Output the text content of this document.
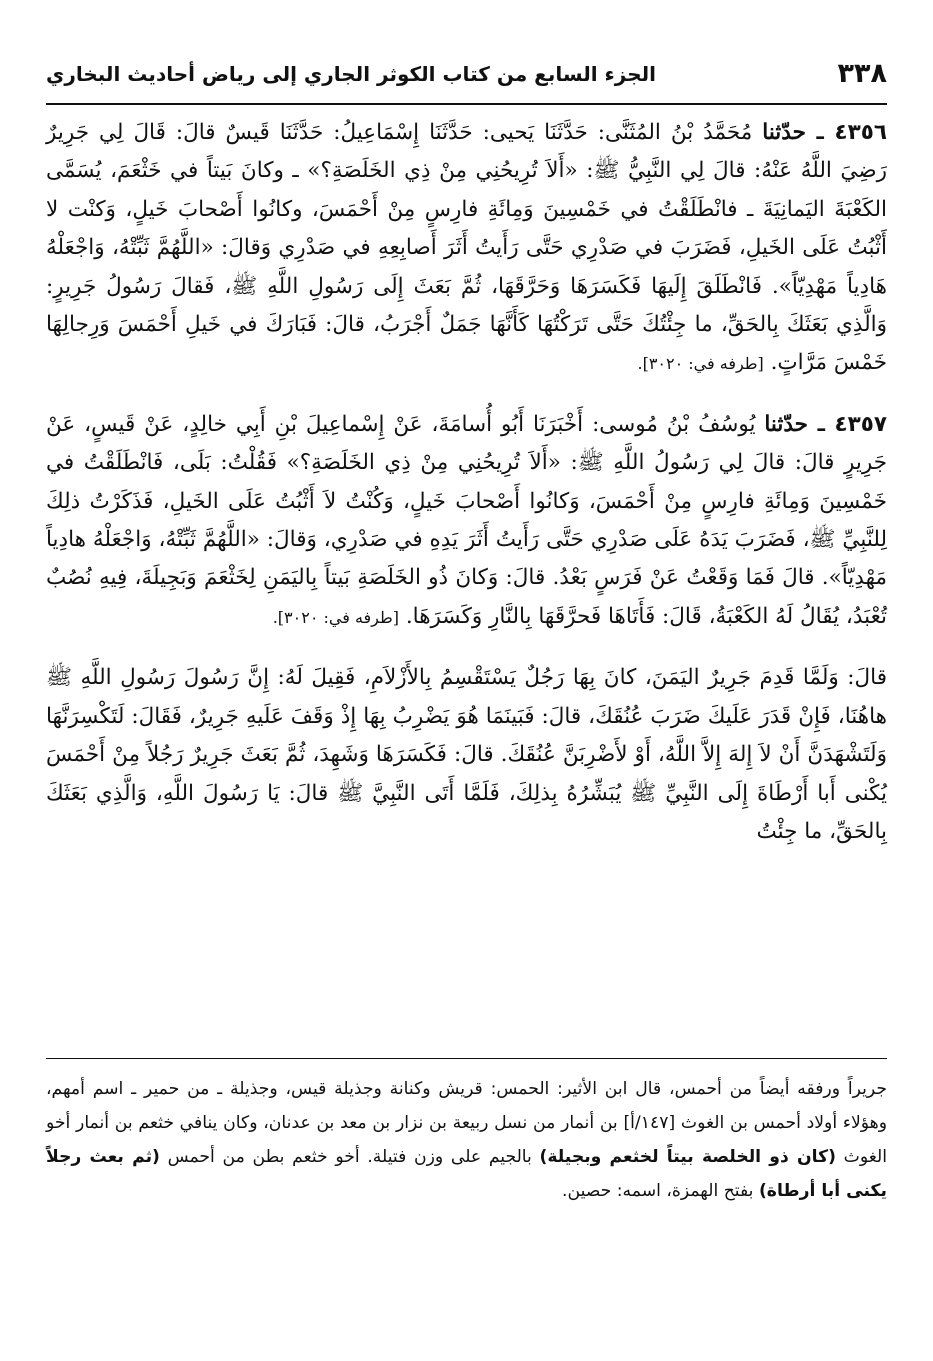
٣٣٨
الجزء السابع من كتاب الكوثر الجاري إلى رياض أحاديث البخاري

٤٣٥٦ ـ حدّثنا مُحَمَّدُ بْنُ المُثَنَّى: حَدَّثَنَا يَحيى: حَدَّثَنَا إِسْمَاعِيلُ: حَدَّثَنَا قَيسٌ قالَ: قَالَ لِي جَرِيرٌ رَضِيَ اللَّهُ عَنْهُ: قالَ لِي النَّبِيُّ ﷺ: «أَلاَ تُرِيحُنِي مِنْ ذِي الخَلَصَةِ؟» ـ وكانَ بَيتاً في خَثْعَمَ، يُسَمَّى الكَعْبَةَ اليَمانِيَةَ ـ فانْطَلَقْتُ في خَمْسِينَ وَمِائَةِ فارِسٍ مِنْ أَحْمَسَ، وكانُوا أَصْحابَ خَيلٍ، وَكنْت لا أَثْبُتُ عَلَى الخَيلِ، فَضَرَبَ في صَدْرِي حَتَّى رَأَيتُ أَثَرَ أَصابِعِهِ في صَدْرِي وَقالَ: «اللَّهُمَّ ثَبِّتْهُ، وَاجْعَلْهُ هَادِياً مَهْدِيّاً». فَانْطَلَقَ إِلَيهَا فَكَسَرَهَا وَحَرَّقَهَا، ثُمَّ بَعَثَ إِلَى رَسُولِ اللَّهِ ﷺ، فَقالَ رَسُولُ جَرِيرٍ: وَالَّذِي بَعَثَكَ بِالحَقِّ، ما جِئْتُكَ حَتَّى تَرَكْتُهَا كَأَنَّهَا جَمَلٌ أَجْرَبُ، قالَ: فَبَارَكَ في خَيلِ أَحْمَسَ وَرِجالِهَا خَمْسَ مَرَّاتٍ. [طرفه في: ٣٠٢٠].

٤٣٥٧ ـ حدّثنا يُوسُفُ بْنُ مُوسى: أَخْبَرَنَا أَبُو أُسامَةَ، عَنْ إِسْماعِيلَ بْنِ أَبِي خالِدٍ، عَنْ قَيسٍ، عَنْ جَرِيرٍ قالَ: قالَ لِي رَسُولُ اللَّهِ ﷺ: «أَلاَ تُرِيحُنِي مِنْ ذِي الخَلَصَةِ؟» فَقُلْتُ: بَلَى، فَانْطَلَقْتُ في خَمْسِينَ وَمِائَةِ فارِسٍ مِنْ أَحْمَسَ، وَكانُوا أَصْحابَ خَيلٍ، وَكُنْتُ لاَ أَثْبُتُ عَلَى الخَيلِ، فَذَكَرْتُ ذلِكَ لِلنَّبِيِّ ﷺ، فَضَرَبَ يَدَهُ عَلَى صَدْرِي حَتَّى رَأَيتُ أَثَرَ يَدِهِ في صَدْرِي، وَقالَ: «اللَّهُمَّ ثَبِّتْهُ، وَاجْعَلْهُ هادِياً مَهْدِيّاً». قالَ فَمَا وَقَعْتُ عَنْ فَرَسٍ بَعْدُ. قالَ: وَكانَ ذُو الخَلَصَةِ بَيتاً بِاليَمَنِ لِخَثْعَمَ وَبَجِيلَةَ، فِيهِ نُصُبٌ تُعْبَدُ، يُقَالُ لَهُ الكَعْبَةُ، قَالَ: فَأَتَاهَا فَحرَّقَهَا بِالنَّارِ وَكَسَرَهَا. [طرفه في: ٣٠٢٠].

قالَ: وَلَمَّا قَدِمَ جَرِيرٌ اليَمَنَ، كانَ بِهَا رَجُلٌ يَسْتَقْسِمُ بِالأَزْلاَمِ، فَقِيلَ لَهُ: إِنَّ رَسُولَ رَسُولِ اللَّهِ ﷺ هاهُنَا، فَإِنْ قَدَرَ عَلَيكَ ضَرَبَ عُنُقَكَ، قالَ: فَبَينَمَا هُوَ يَضْرِبُ بِهَا إِذْ وَقَفَ عَلَيهِ جَرِيرٌ، فَقَالَ: لَتَكْسِرَنَّهَا وَلَتَشْهَدَنَّ أَنْ لاَ إِلهَ إِلاَّ اللَّهُ، أَوْ لأَضْرِبَنَّ عُنُقَكَ. قالَ: فَكَسَرَهَا وَشَهِدَ، ثُمَّ بَعَثَ جَرِيرٌ رَجُلاً مِنْ أَحْمَسَ يُكْنى أَبا أَرْطَاةَ إِلَى النَّبِيِّ ﷺ يُبَشِّرُهُ بِذلِكَ، فَلَمَّا أَتَى النَّبِيَّ ﷺ قالَ: يَا رَسُولَ اللَّهِ، وَالَّذِي بَعَثَكَ بِالحَقِّ، ما جِئْتُ

جريراً ورفقه أيضاً من أحمس، قال ابن الأثير: الحمس: قريش وكنانة وجذيلة قيس، وجذيلة ـ من حمير ـ اسم أمهم، وهؤلاء أولاد أحمس بن الغوث [١٤٧/أ] بن أنمار من نسل ربيعة بن نزار بن معد بن عدنان، وكان ينافي خثعم بن أنمار أخو الغوث (كان ذو الخلصة بيتاً لخثعم وبجيلة) بالجيم على وزن فتيلة. أخو خثعم بطن من أحمس (ثم بعث رجلاً يكنى أبا أرطاة) بفتح الهمزة، اسمه: حصين.
